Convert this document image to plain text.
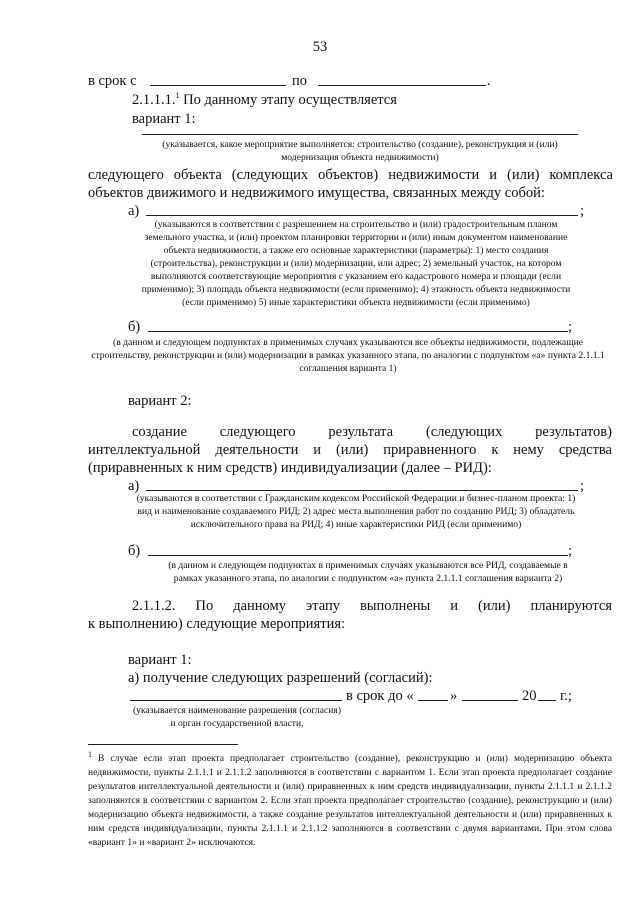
53
в срок с	по	.
2.1.1.1.$^1$ По данному этапу осуществляется
вариант 1:
(указывается, какое мероприятие выполняется: строительство (создание), реконструкция и (или) модернизация объекта недвижимости)
следующего объекта (следующих объектов) недвижимости и (или) комплекса
объектов движимого и недвижимого имущества, связанных между собой:
а)	;
(указываются в соответствии с разрешением на строительство и (или) градостроительным планом земельного участка, и (или) проектом планировки территории и (или) иным документом наименование объекта недвижимости, а также его основные характеристики (параметры): 1) место создания (строительства), реконструкции и (или) модернизации, или адрес; 2) земельный участок, на котором выполняются соответствующие мероприятия с указанием его кадастрового номера и площади (если применимо); 3) площадь объекта недвижимости (если применимо); 4) этажность объекта недвижимости (если применимо) 5) иные характеристики объекта недвижимости (если применимо)
б)	;
(в данном и следующем подпунктах в применимых случаях указываются все объекты недвижимости, подлежащие строительству, реконструкции и (или) модернизации в рамках указанного этапа, по аналогии с подпунктом «а» пункта 2.1.1.1 соглашения варианта 1)
вариант 2:
создание следующего результата (следующих результатов)
интеллектуальной деятельности и (или) приравненного к нему средства
(приравненных к ним средств) индивидуализации (далее – РИД):
а)	;
(указываются в соответствии с Гражданским кодексом Российской Федерации и бизнес-планом проекта: 1) вид и наименование создаваемого РИД; 2) адрес места выполнения работ по созданию РИД; 3) обладатель исключительного права на РИД; 4) иные характеристики РИД (если применимо)
б)	;
(в данном и следующем подпунктах в применимых случаях указываются все РИД, создаваемые в рамках указанного этапа, по аналогии с подпунктом «а» пункта 2.1.1.1 соглашения варианта 2)
2.1.1.2. По данному этапу выполнены и (или) планируются
к выполнению) следующие мероприятия:
вариант 1:
а) получение следующих разрешений (согласий):
в срок до «	»	20 г.;
(указывается наименование разрешения (согласия) и орган государственной власти,
$^1$ В случае если этап проекта предполагает строительство (создание), реконструкцию и (или) модернизацию объекта недвижимости, пункты 2.1.1.1 и 2.1.1.2 заполняются в соответствии с вариантом 1. Если этап проекта предполагает создание результатов интеллектуальной деятельности и (или) приравненных к ним средств индивидуализации, пункты 2.1.1.1 и 2.1.1.2 заполняются в соответствии с вариантом 2. Если этап проекта предполагает строительство (создание), реконструкцию и (или) модернизацию объекта недвижимости, а также создание результатов интеллектуальной деятельности и (или) приравненных к ним средств индивидуализации, пункты 2.1.1.1 и 2.1.1.2 заполняются в соответствии с двумя вариантами. При этом слова «вариант 1» и «вариант 2» исключаются.
